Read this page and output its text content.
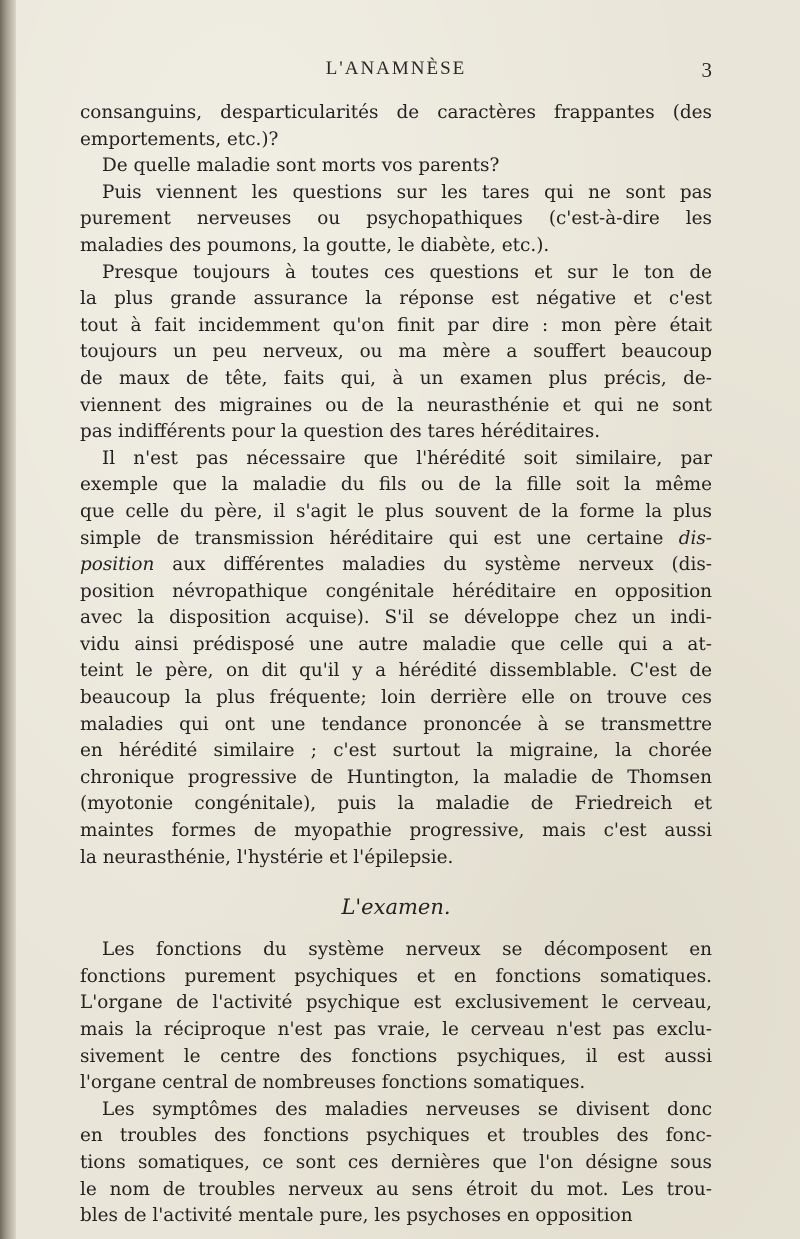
L'ANAMNÈSE	3
consanguins, desparticularités de caractères frappantes (des
emportements, etc.)?
De quelle maladie sont morts vos parents?
Puis viennent les questions sur les tares qui ne sont pas
purement nerveuses ou psychopathiques (c'est-à-dire les
maladies des poumons, la goutte, le diabète, etc.).
Presque toujours à toutes ces questions et sur le ton de
la plus grande assurance la réponse est négative et c'est
tout à fait incidemment qu'on finit par dire : mon père était
toujours un peu nerveux, ou ma mère a souffert beaucoup
de maux de tête, faits qui, à un examen plus précis, de-
viennent des migraines ou de la neurasthénie et qui ne sont
pas indifférents pour la question des tares héréditaires.
Il n'est pas nécessaire que l'hérédité soit similaire, par
exemple que la maladie du fils ou de la fille soit la même
que celle du père, il s'agit le plus souvent de la forme la plus
simple de transmission héréditaire qui est une certaine dis-
position aux différentes maladies du système nerveux (dis-
position névropathique congénitale héréditaire en opposition
avec la disposition acquise). S'il se développe chez un indi-
vidu ainsi prédisposé une autre maladie que celle qui a at-
teint le père, on dit qu'il y a hérédité dissemblable. C'est de
beaucoup la plus fréquente; loin derrière elle on trouve ces
maladies qui ont une tendance prononcée à se transmettre
en hérédité similaire ; c'est surtout la migraine, la chorée
chronique progressive de Huntington, la maladie de Thomsen
(myotonie congénitale), puis la maladie de Friedreich et
maintes formes de myopathie progressive, mais c'est aussi
la neurasthénie, l'hystérie et l'épilepsie.
L'examen.
Les fonctions du système nerveux se décomposent en
fonctions purement psychiques et en fonctions somatiques.
L'organe de l'activité psychique est exclusivement le cerveau,
mais la réciproque n'est pas vraie, le cerveau n'est pas exclu-
sivement le centre des fonctions psychiques, il est aussi
l'organe central de nombreuses fonctions somatiques.
Les symptômes des maladies nerveuses se divisent donc
en troubles des fonctions psychiques et troubles des fonc-
tions somatiques, ce sont ces dernières que l'on désigne sous
le nom de troubles nerveux au sens étroit du mot. Les trou-
bles de l'activité mentale pure, les psychoses en opposition
